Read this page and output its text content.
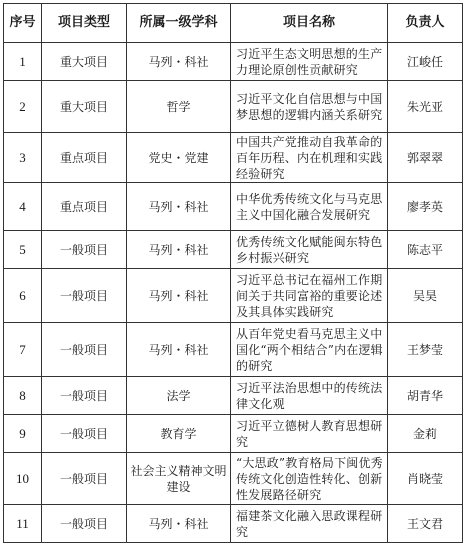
序号	项目类型	所属一级学科	项目名称	负责人
1	重大项目	马列・科社	习近平生态文明思想的生产力理论原创性贡献研究	江峻任
2	重大项目	哲学	习近平文化自信思想与中国梦思想的逻辑内涵关系研究	朱光亚
3	重点项目	党史・党建	中国共产党推动自我革命的百年历程、内在机理和实践经验研究	郭翠翠
4	重点项目	马列・科社	中华优秀传统文化与马克思主义中国化融合发展研究	廖孝英
5	一般项目	马列・科社	优秀传统文化赋能闽东特色乡村振兴研究	陈志平
6	一般项目	马列・科社	习近平总书记在福州工作期间关于共同富裕的重要论述及其具体实践研究	吴昊
7	一般项目	马列・科社	从百年党史看马克思主义中国化“两个相结合”内在逻辑的研究	王梦莹
8	一般项目	法学	习近平法治思想中的传统法律文化观	胡青华
9	一般项目	教育学	习近平立德树人教育思想研究	金莉
10	一般项目	社会主义精神文明建设	“大思政”教育格局下闽优秀传统文化创造性转化、创新性发展路径研究	肖晓莹
11	一般项目	马列・科社	福建茶文化融入思政课程研究	王文君
